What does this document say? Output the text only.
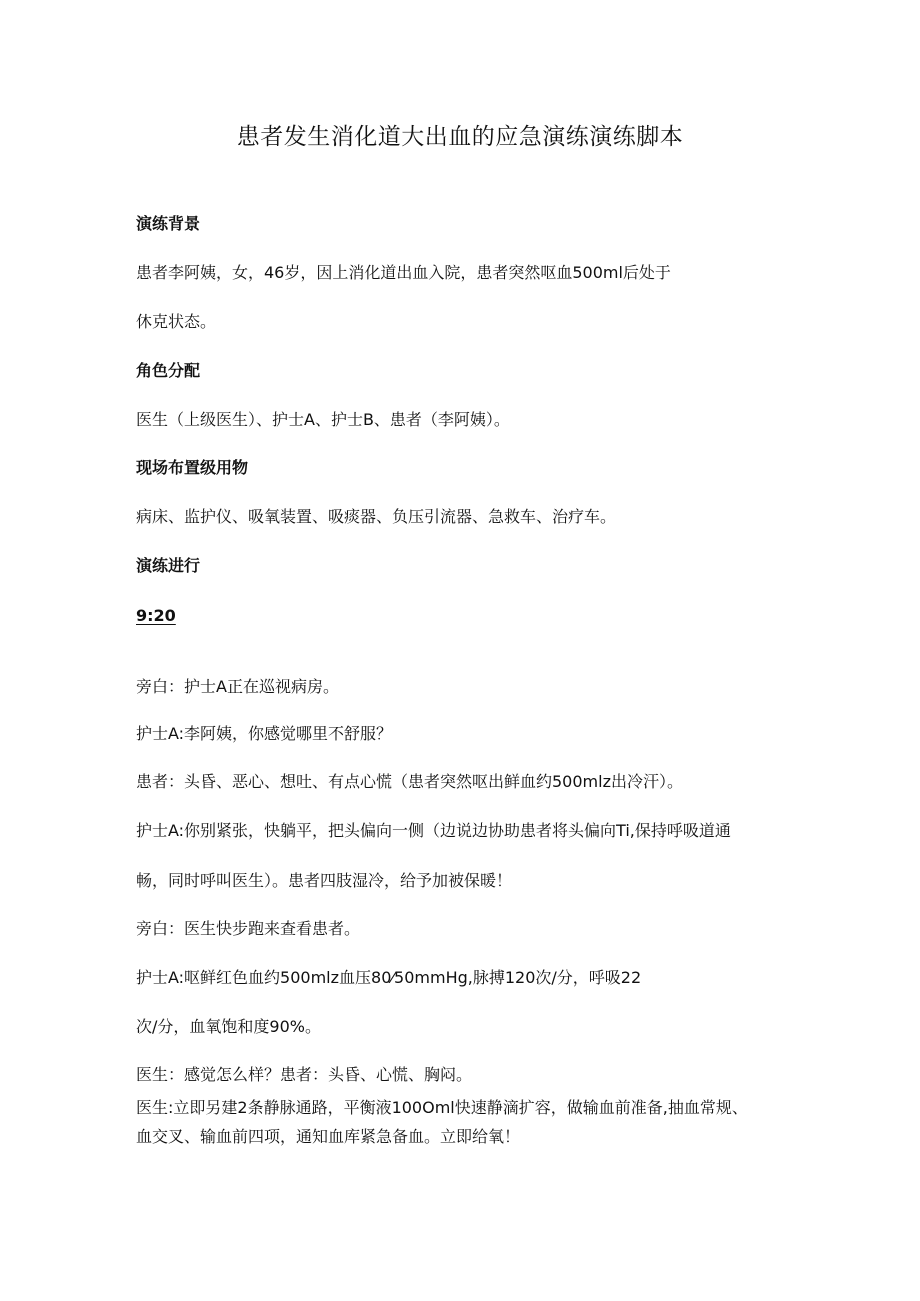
患者发生消化道大出血的应急演练演练脚本
演练背景
患者李阿姨，女，46岁，因上消化道出血入院，患者突然呕血500ml后处于
休克状态。
角色分配
医生（上级医生）、护士A、护士B、患者（李阿姨）。
现场布置级用物
病床、监护仪、吸氧装置、吸痰器、负压引流器、急救车、治疗车。
演练进行
9:20
旁白：护士A正在巡视病房。
护士A:李阿姨，你感觉哪里不舒服？
患者：头昏、恶心、想吐、有点心慌（患者突然呕出鲜血约500mlz出冷汗）。
护士A:你别紧张，快躺平，把头偏向一侧（边说边协助患者将头偏向Ti,保持呼吸道通
畅，同时呼叫医生）。患者四肢湿冷，给予加被保暖！
旁白：医生快步跑来查看患者。
护士A:呕鲜红色血约500mlz血压80⁄50mmHg,脉搏120次/分，呼吸22
次/分，血氧饱和度90%。
医生：感觉怎么样？患者：头昏、心慌、胸闷。
医生:立即另建2条静脉通路，平衡液100Oml快速静滴扩容，做输血前准备,抽血常规、
血交叉、输血前四项，通知血库紧急备血。立即给氧！
